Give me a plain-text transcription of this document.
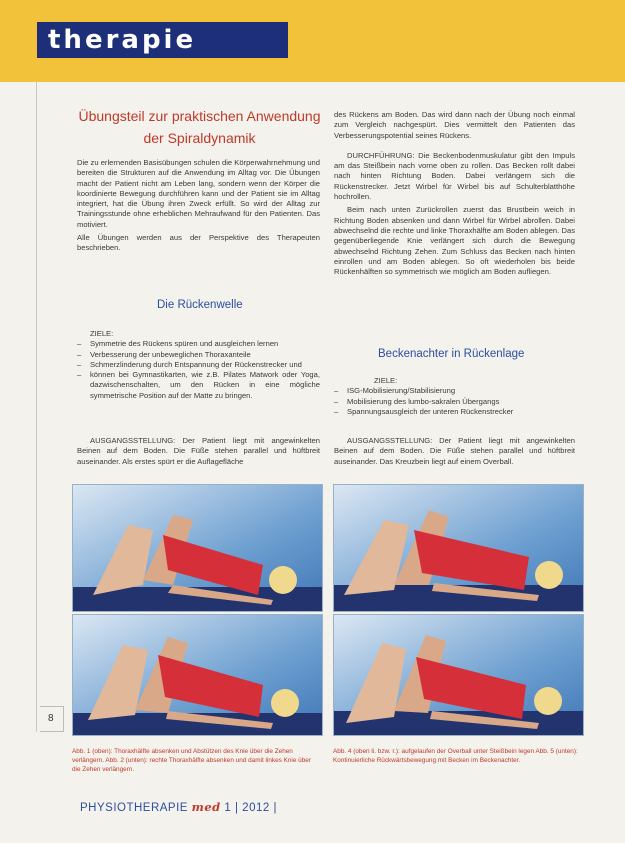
therapie
Übungsteil zur praktischen Anwendung
der Spiraldynamik

Die zu erlernenden Basisübungen schulen die Körperwahrnehmung und bereiten die Strukturen auf die Anwendung im Alltag vor. Die Übungen macht der Patient nicht am Leben lang, sondern wenn der Körper die koordinierte Bewegung durchführen kann und der Patient sie im Alltag integriert, hat die Übung ihren Zweck erfüllt. So wird der Alltag zur Trainingsstunde ohne erheblichen Mehraufwand für den Patienten. Das motiviert.

Alle Übungen werden aus der Perspektive des Therapeuten beschrieben.

Die Rückenwelle

ZIELE:

– Symmetrie des Rückens spüren und ausgleichen lernen
– Verbesserung der unbeweglichen Thoraxanteile
– Schmerzlinderung durch Entspannung der Rückenstrecker und
– können bei Gymnastikarten, wie z.B. Pilates Matwork oder Yoga, dazwischenschalten, um den Rücken in eine mögliche symmetrische Position auf der Matte zu bringen.

AUSGANGSSTELLUNG: Der Patient liegt mit angewinkelten Beinen auf dem Boden. Die Füße stehen parallel und hüftbreit auseinander. Als erstes spürt er die Auflagefläche

des Rückens am Boden. Das wird dann nach der Übung noch einmal zum Vergleich nachgespürt. Dies vermittelt den Patienten das Verbesserungspotential seines Rückens.

DURCHFÜHRUNG: Die Beckenbodenmuskulatur gibt den Impuls am das Steißbein nach vorne oben zu rollen. Das Becken rollt dabei nach hinten Richtung Boden. Dabei verlängern sich die Rückenstrecker. Jetzt Wirbel für Wirbel bis auf Schulterblatthöhe hochrollen.

Beim nach unten Zurückrollen zuerst das Brustbein weich in Richtung Boden absenken und dann Wirbel für Wirbel abrollen. Dabei abwechselnd die rechte und linke Thoraxhälfte am Boden ablegen. Das gegenüberliegende Knie verlängert sich durch die Bewegung abwechselnd Richtung Zehen. Zum Schluss das Becken nach hinten einrollen und am Boden ablegen. So oft wiederholen bis beide Rückenhälften so symmetrisch wie möglich am Boden aufliegen.

Beckenachter in Rückenlage

ZIELE:

– ISG-Mobilisierung/Stabilisierung
– Mobilisierung des lumbo-sakralen Übergangs
– Spannungsausgleich der unteren Rückenstrecker

AUSGANGSSTELLUNG: Der Patient liegt mit angewinkelten Beinen auf dem Boden. Die Füße stehen parallel und hüftbreit auseinander. Das Kreuzbein liegt auf einem Overball.

Abb. 1 (oben): Thoraxhälfte absenken und Abstützen des Knie über die Zehen verlängern. Abb. 2 (unten): rechte Thoraxhälfte absenken und damit linkes Knie über die Zehen verlängern.
Abb. 4 (oben li. bzw. r.): aufgelaufen der Overball unter Steißbein legen Abb. 5 (unten): Kontinuierliche Rückwärtsbewegung mit Becken im Beckenachter.
8
PHYSIOTHERAPIE med 1 | 2012 |
